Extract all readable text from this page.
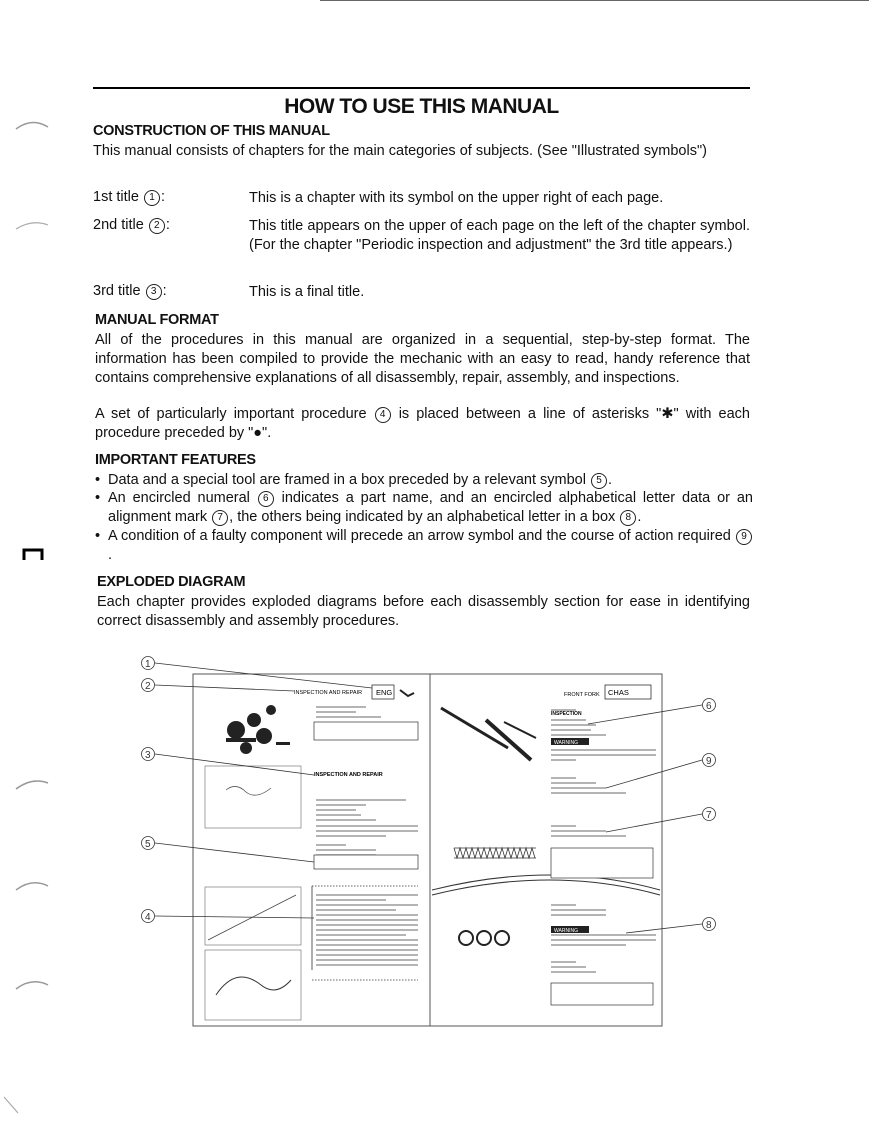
HOW TO USE THIS MANUAL
CONSTRUCTION OF THIS MANUAL
This manual consists of chapters for the main categories of subjects. (See "Illustrated symbols")
1st title 1 :	This is a chapter with its symbol on the upper right of each page.
2nd title 2 :	This title appears on the upper of each page on the left of the chapter symbol. (For the chapter "Periodic inspection and adjustment" the 3rd title appears.)
3rd title 3 :	This is a final title.
MANUAL FORMAT
All of the procedures in this manual are organized in a sequential, step-by-step format. The information has been compiled to provide the mechanic with an easy to read, handy reference that contains comprehensive explanations of all disassembly, repair, assembly, and inspections.
A set of particularly important procedure 4 is placed between a line of asterisks "✱" with each procedure preceded by "●".
IMPORTANT FEATURES
• Data and a special tool are framed in a box preceded by a relevant symbol 5 .
• An encircled numeral 6 indicates a part name, and an encircled alphabetical letter data or an alignment mark 7 , the others being indicated by an alphabetical letter in a box 8 .
• A condition of a faulty component will precede an arrow symbol and the course of action required 9.
EXPLODED DIAGRAM
Each chapter provides exploded diagrams before each disassembly section for ease in identifying correct disassembly and assembly procedures.
INSPECTION AND REPAIR ENG	FRONT FORK CHAS
INSPECTION AND REPAIR
INSPECTION
WARNING
WARNING
1
2
3
5
4
6
9
7
8
